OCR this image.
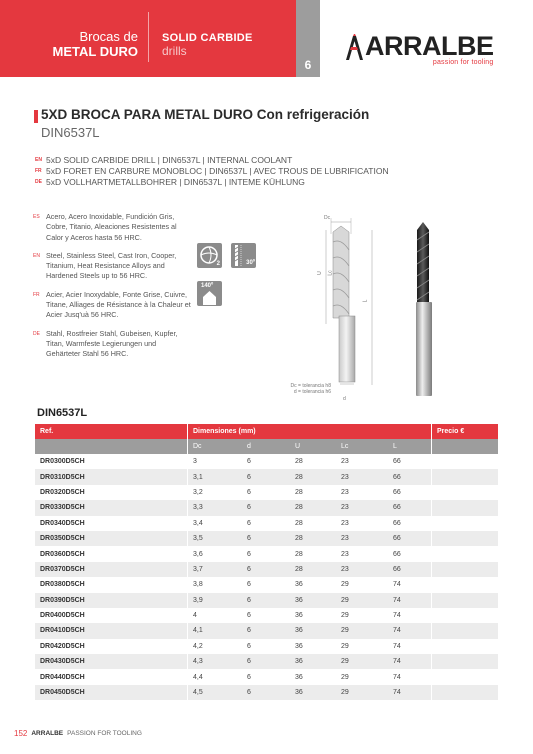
Brocas de
METAL DURO
SOLID CARBIDE
drills
6
ARRALBE
passion for tooling
5XD BROCA PARA METAL DURO Con refrigeración
DIN6537L
EN 5xD SOLID CARBIDE DRILL | DIN6537L | INTERNAL COOLANT
FR 5xD FORET EN CARBURE MONOBLOC | DIN6537L | AVEC TROUS DE LUBRIFICATION
DE 5xD VOLLHARTMETALLBOHRER | DIN6537L | INTEME KÜHLUNG
ES Acero, Acero Inoxidable, Fundición Gris, Cobre, Titanio, Aleaciones Resistentes al Calor y Aceros hasta 56 HRC.
EN Steel, Stainless Steel, Cast Iron, Cooper, Titanium, Heat Resistance Alloys and Hardened Steels up to 56 HRC.
FR Acier, Acier Inoxydable, Fonte Grise, Cuivre, Titane, Alliages de Résistance à la Chaleur et Acier Jusq'uà 56 HRC.
DE Stahl, Rostfreier Stahl, Gubeisen, Kupfer, Titan, Warmfeste Legierungen und Gehärteter Stahl 56 HRC.
2	30º
140º
Dc
U Lc
L
d
Dc = tolerancia h8
d = tolerancia h6
DIN6537L
Ref.	Dimensiones (mm)	Precio €
Dc	d	U	Lc	L
DR0300D5CH	3	6	28	23	66
DR0310D5CH	3,1	6	28	23	66
DR0320D5CH	3,2	6	28	23	66
DR0330D5CH	3,3	6	28	23	66
DR0340D5CH	3,4	6	28	23	66
DR0350D5CH	3,5	6	28	23	66
DR0360D5CH	3,6	6	28	23	66
DR0370D5CH	3,7	6	28	23	66
DR0380D5CH	3,8	6	36	29	74
DR0390D5CH	3,9	6	36	29	74
DR0400D5CH	4	6	36	29	74
DR0410D5CH	4,1	6	36	29	74
DR0420D5CH	4,2	6	36	29	74
DR0430D5CH	4,3	6	36	29	74
DR0440D5CH	4,4	6	36	29	74
DR0450D5CH	4,5	6	36	29	74
152 ARRALBE PASSION FOR TOOLING
